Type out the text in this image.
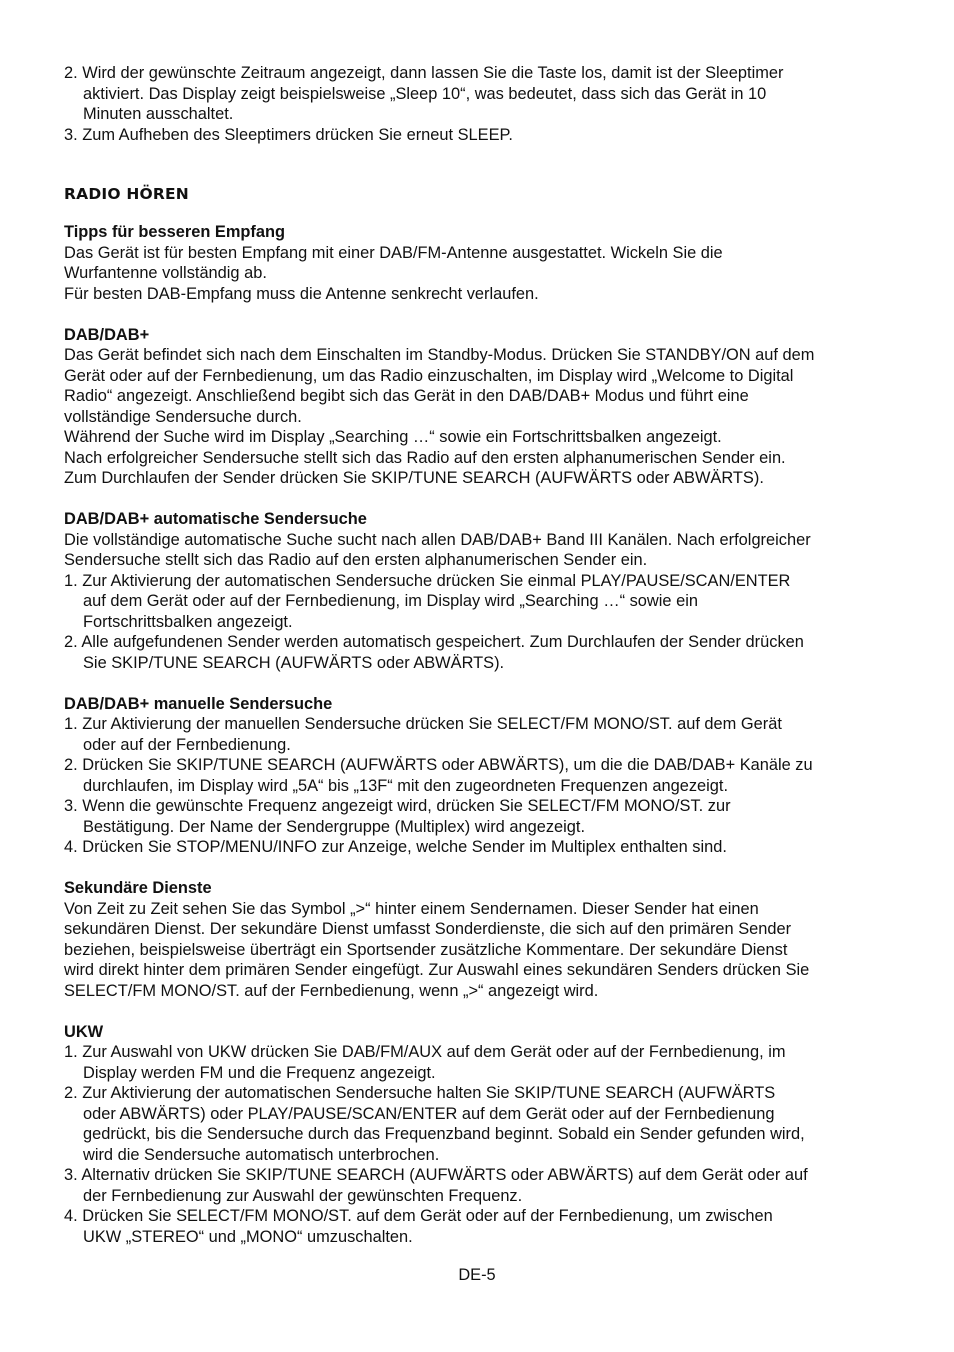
2. Wird der gewünschte Zeitraum angezeigt, dann lassen Sie die Taste los, damit ist der Sleeptimer
aktiviert. Das Display zeigt beispielsweise „Sleep 10“, was bedeutet, dass sich das Gerät in 10
Minuten ausschaltet.
3. Zum Aufheben des Sleeptimers drücken Sie erneut SLEEP.
RADIO HÖREN
Tipps für besseren Empfang
Das Gerät ist für besten Empfang mit einer DAB/FM-Antenne ausgestattet. Wickeln Sie die
Wurfantenne vollständig ab.
Für besten DAB-Empfang muss die Antenne senkrecht verlaufen.
DAB/DAB+
Das Gerät befindet sich nach dem Einschalten im Standby-Modus. Drücken Sie STANDBY/ON auf dem
Gerät oder auf der Fernbedienung, um das Radio einzuschalten, im Display wird „Welcome to Digital
Radio“ angezeigt. Anschließend begibt sich das Gerät in den DAB/DAB+ Modus und führt eine
vollständige Sendersuche durch.
Während der Suche wird im Display „Searching …“ sowie ein Fortschrittsbalken angezeigt.
Nach erfolgreicher Sendersuche stellt sich das Radio auf den ersten alphanumerischen Sender ein.
Zum Durchlaufen der Sender drücken Sie SKIP/TUNE SEARCH (AUFWÄRTS oder ABWÄRTS).
DAB/DAB+ automatische Sendersuche
Die vollständige automatische Suche sucht nach allen DAB/DAB+ Band III Kanälen. Nach erfolgreicher
Sendersuche stellt sich das Radio auf den ersten alphanumerischen Sender ein.
1. Zur Aktivierung der automatischen Sendersuche drücken Sie einmal PLAY/PAUSE/SCAN/ENTER
auf dem Gerät oder auf der Fernbedienung, im Display wird „Searching …“ sowie ein
Fortschrittsbalken angezeigt.
2. Alle aufgefundenen Sender werden automatisch gespeichert. Zum Durchlaufen der Sender drücken
Sie SKIP/TUNE SEARCH (AUFWÄRTS oder ABWÄRTS).
DAB/DAB+ manuelle Sendersuche
1. Zur Aktivierung der manuellen Sendersuche drücken Sie SELECT/FM MONO/ST. auf dem Gerät
oder auf der Fernbedienung.
2. Drücken Sie SKIP/TUNE SEARCH (AUFWÄRTS oder ABWÄRTS), um die die DAB/DAB+ Kanäle zu
durchlaufen, im Display wird „5A“ bis „13F“ mit den zugeordneten Frequenzen angezeigt.
3. Wenn die gewünschte Frequenz angezeigt wird, drücken Sie SELECT/FM MONO/ST. zur
Bestätigung. Der Name der Sendergruppe (Multiplex) wird angezeigt.
4. Drücken Sie STOP/MENU/INFO zur Anzeige, welche Sender im Multiplex enthalten sind.
Sekundäre Dienste
Von Zeit zu Zeit sehen Sie das Symbol „>“ hinter einem Sendernamen. Dieser Sender hat einen
sekundären Dienst. Der sekundäre Dienst umfasst Sonderdienste, die sich auf den primären Sender
beziehen, beispielsweise überträgt ein Sportsender zusätzliche Kommentare. Der sekundäre Dienst
wird direkt hinter dem primären Sender eingefügt. Zur Auswahl eines sekundären Senders drücken Sie
SELECT/FM MONO/ST. auf der Fernbedienung, wenn „>“ angezeigt wird.
UKW
1. Zur Auswahl von UKW drücken Sie DAB/FM/AUX auf dem Gerät oder auf der Fernbedienung, im
Display werden FM und die Frequenz angezeigt.
2. Zur Aktivierung der automatischen Sendersuche halten Sie SKIP/TUNE SEARCH (AUFWÄRTS
oder ABWÄRTS) oder PLAY/PAUSE/SCAN/ENTER auf dem Gerät oder auf der Fernbedienung
gedrückt, bis die Sendersuche durch das Frequenzband beginnt. Sobald ein Sender gefunden wird,
wird die Sendersuche automatisch unterbrochen.
3. Alternativ drücken Sie SKIP/TUNE SEARCH (AUFWÄRTS oder ABWÄRTS) auf dem Gerät oder auf
der Fernbedienung zur Auswahl der gewünschten Frequenz.
4. Drücken Sie SELECT/FM MONO/ST. auf dem Gerät oder auf der Fernbedienung, um zwischen
UKW „STEREO“ und „MONO“ umzuschalten.
DE-5
